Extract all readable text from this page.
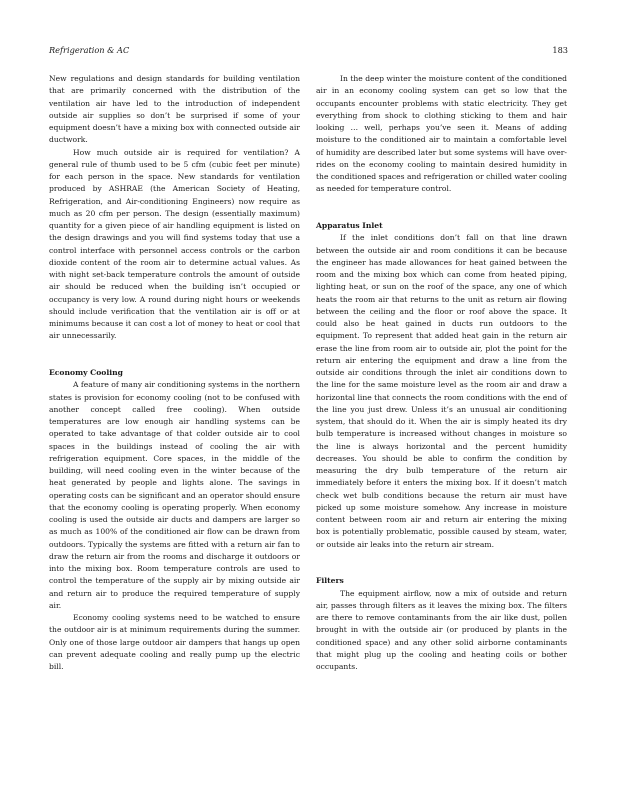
Refrigeration & AC	183

New regulations and design standards for building ventilation that are primarily concerned with the distribution of the ventilation air have led to the introduction of independent outside air supplies so don’t be surprised if some of your equipment doesn’t have a mixing box with connected outside air ductwork.

How much outside air is required for ventilation? A general rule of thumb used to be 5 cfm (cubic feet per minute) for each person in the space. New standards for ventilation produced by ASHRAE (the American Society of Heating, Refrigeration, and Air-conditioning Engineers) now require as much as 20 cfm per person. The design (essentially maximum) quantity for a given piece of air handling equipment is listed on the design drawings and you will find systems today that use a control interface with personnel access controls or the carbon dioxide content of the room air to determine actual values. As with night set-back temperature controls the amount of outside air should be reduced when the building isn’t occupied or occupancy is very low. A round during night hours or weekends should include verification that the ventilation air is off or at minimums because it can cost a lot of money to heat or cool that air unnecessarily.

Economy Cooling

A feature of many air conditioning systems in the northern states is provision for economy cooling (not to be confused with another concept called free cooling). When outside temperatures are low enough air handling systems can be operated to take advantage of that colder outside air to cool spaces in the buildings instead of cooling the air with refrigeration equipment. Core spaces, in the middle of the building, will need cooling even in the winter because of the heat generated by people and lights alone. The savings in operating costs can be significant and an operator should ensure that the economy cooling is operating properly. When economy cooling is used the outside air ducts and dampers are larger so as much as 100% of the conditioned air flow can be drawn from outdoors. Typically the systems are fitted with a return air fan to draw the return air from the rooms and discharge it outdoors or into the mixing box. Room temperature controls are used to control the temperature of the supply air by mixing outside air and return air to produce the required temperature of supply air.

Economy cooling systems need to be watched to ensure the outdoor air is at minimum requirements during the summer. Only one of those large outdoor air dampers that hangs up open can prevent adequate cooling and really pump up the electric bill.

In the deep winter the moisture content of the conditioned air in an economy cooling system can get so low that the occupants encounter problems with static electricity. They get everything from shock to clothing sticking to them and hair looking … well, perhaps you’ve seen it. Means of adding moisture to the conditioned air to maintain a comfortable level of humidity are described later but some systems will have over-rides on the economy cooling to maintain desired humidity in the conditioned spaces and refrigeration or chilled water cooling as needed for temperature control.

Apparatus Inlet

If the inlet conditions don’t fall on that line drawn between the outside air and room conditions it can be because the engineer has made allowances for heat gained between the room and the mixing box which can come from heated piping, lighting heat, or sun on the roof of the space, any one of which heats the room air that returns to the unit as return air flowing between the ceiling and the floor or roof above the space. It could also be heat gained in ducts run outdoors to the equipment. To represent that added heat gain in the return air erase the line from room air to outside air, plot the point for the return air entering the equipment and draw a line from the outside air conditions through the inlet air conditions down to the line for the same moisture level as the room air and draw a horizontal line that connects the room conditions with the end of the line you just drew. Unless it’s an unusual air conditioning system, that should do it. When the air is simply heated its dry bulb temperature is increased without changes in moisture so the line is always horizontal and the percent humidity decreases. You should be able to confirm the condition by measuring the dry bulb temperature of the return air immediately before it enters the mixing box. If it doesn’t match check wet bulb conditions because the return air must have picked up some moisture somehow. Any increase in moisture content between room air and return air entering the mixing box is potentially problematic, possible caused by steam, water, or outside air leaks into the return air stream.

Filters

The equipment airflow, now a mix of outside and return air, passes through filters as it leaves the mixing box. The filters are there to remove contaminants from the air like dust, pollen brought in with the outside air (or produced by plants in the conditioned space) and any other solid airborne contaminants that might plug up the cooling and heating coils or bother occupants.
